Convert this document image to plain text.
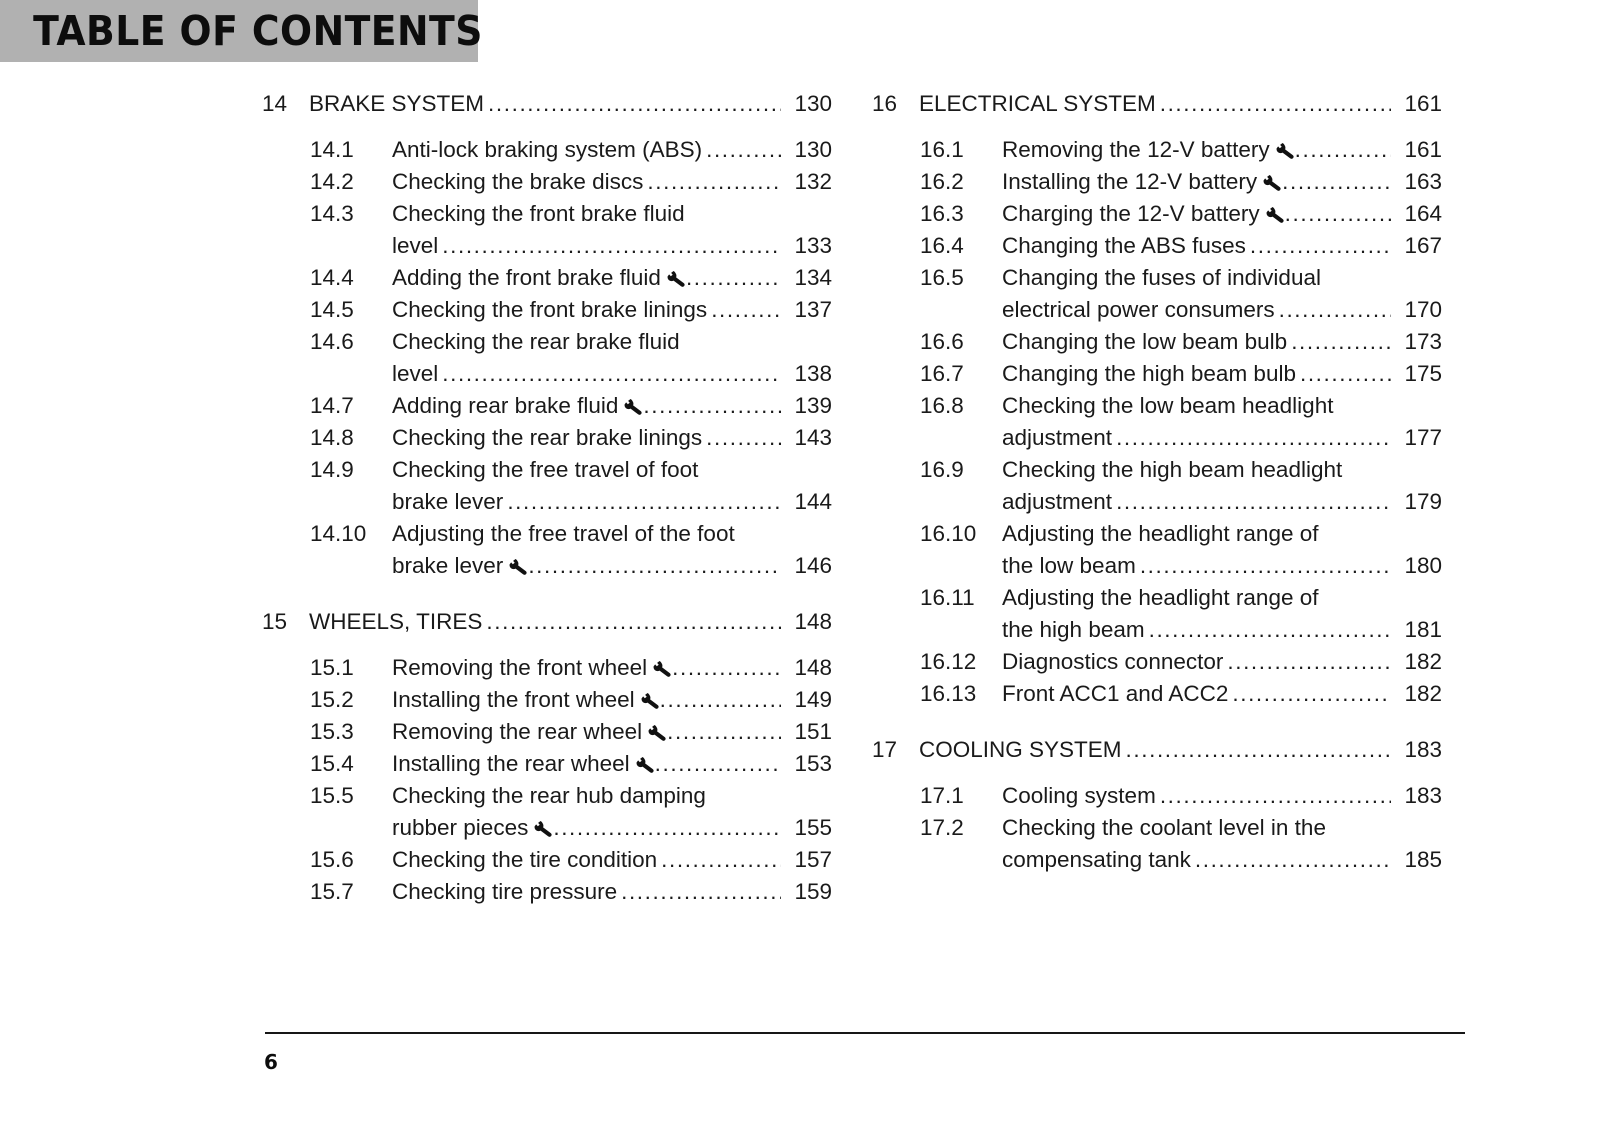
TABLE OF CONTENTS
14 BRAKE SYSTEM .....	130
14.1	Anti-lock braking system (ABS) .....	130
14.2	Checking the brake discs .....	132
14.3	Checking the front brake fluid
level .....	133
14.4	Adding the front brake fluid .....	134
14.5	Checking the front brake linings .....	137
14.6	Checking the rear brake fluid
level .....	138
14.7	Adding rear brake fluid .....	139
14.8	Checking the rear brake linings .....	143
14.9	Checking the free travel of foot
brake lever .....	144
14.10	Adjusting the free travel of the foot
brake lever .....	146
15 WHEELS, TIRES .....	148
15.1	Removing the front wheel .....	148
15.2	Installing the front wheel .....	149
15.3	Removing the rear wheel .....	151
15.4	Installing the rear wheel .....	153
15.5	Checking the rear hub damping
rubber pieces .....	155
15.6	Checking the tire condition .....	157
15.7	Checking tire pressure .....	159
16 ELECTRICAL SYSTEM .....	161
16.1	Removing the 12-V battery .....	161
16.2	Installing the 12-V battery .....	163
16.3	Charging the 12-V battery .....	164
16.4	Changing the ABS fuses .....	167
16.5	Changing the fuses of individual
electrical power consumers .....	170
16.6	Changing the low beam bulb .....	173
16.7	Changing the high beam bulb .....	175
16.8	Checking the low beam headlight
adjustment .....	177
16.9	Checking the high beam headlight
adjustment .....	179
16.10	Adjusting the headlight range of
the low beam .....	180
16.11	Adjusting the headlight range of
the high beam .....	181
16.12	Diagnostics connector .....	182
16.13	Front ACC1 and ACC2 .....	182
17 COOLING SYSTEM .....	183
17.1	Cooling system .....	183
17.2	Checking the coolant level in the
compensating tank .....	185
6
